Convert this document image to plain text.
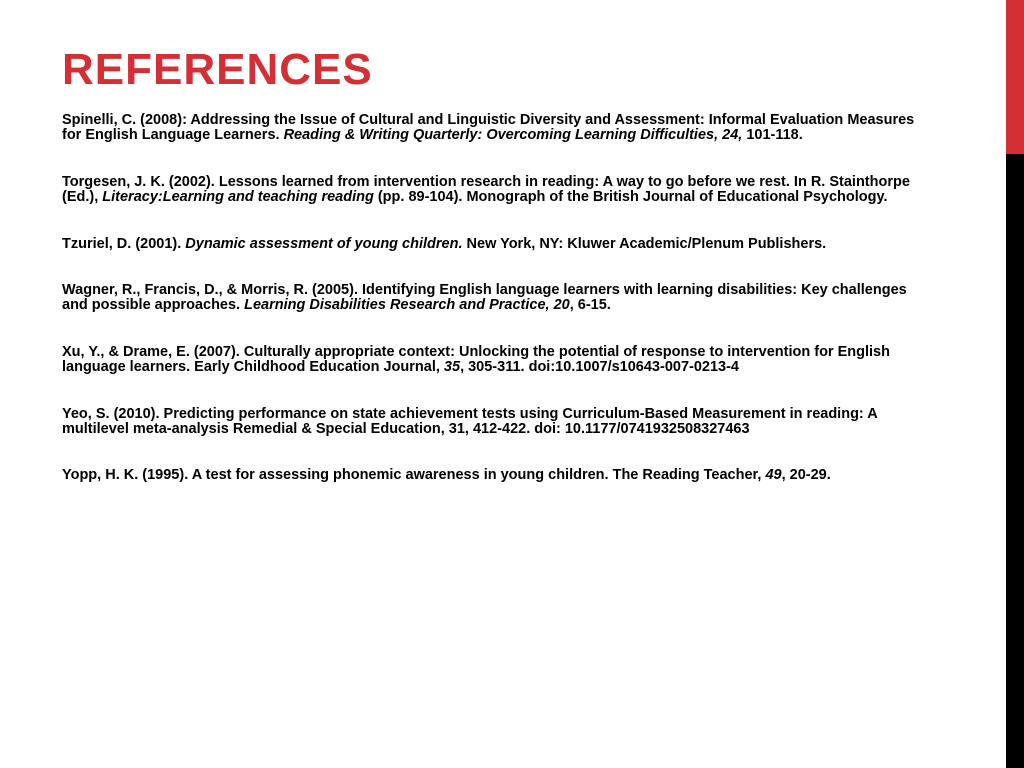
REFERENCES

Spinelli, C. (2008): Addressing the Issue of Cultural and Linguistic Diversity and Assessment: Informal Evaluation Measures for English Language Learners. Reading & Writing Quarterly: Overcoming Learning Difficulties, 24, 101-118.

Torgesen, J. K. (2002). Lessons learned from intervention research in reading: A way to go before we rest. In R. Stainthorpe (Ed.), Literacy:Learning and teaching reading (pp. 89-104). Monograph of the British Journal of Educational Psychology.

Tzuriel, D. (2001). Dynamic assessment of young children. New York, NY: Kluwer Academic/Plenum Publishers.

Wagner, R., Francis, D., & Morris, R. (2005). Identifying English language learners with learning disabilities: Key challenges and possible approaches. Learning Disabilities Research and Practice, 20, 6-15.

Xu, Y., & Drame, E. (2007). Culturally appropriate context: Unlocking the potential of response to intervention for English language learners. Early Childhood Education Journal, 35, 305-311. doi:10.1007/s10643-007-0213-4

Yeo, S. (2010). Predicting performance on state achievement tests using Curriculum-Based Measurement in reading: A multilevel meta-analysis Remedial & Special Education, 31, 412-422. doi: 10.1177/0741932508327463

Yopp, H. K. (1995). A test for assessing phonemic awareness in young children. The Reading Teacher, 49, 20-29.
